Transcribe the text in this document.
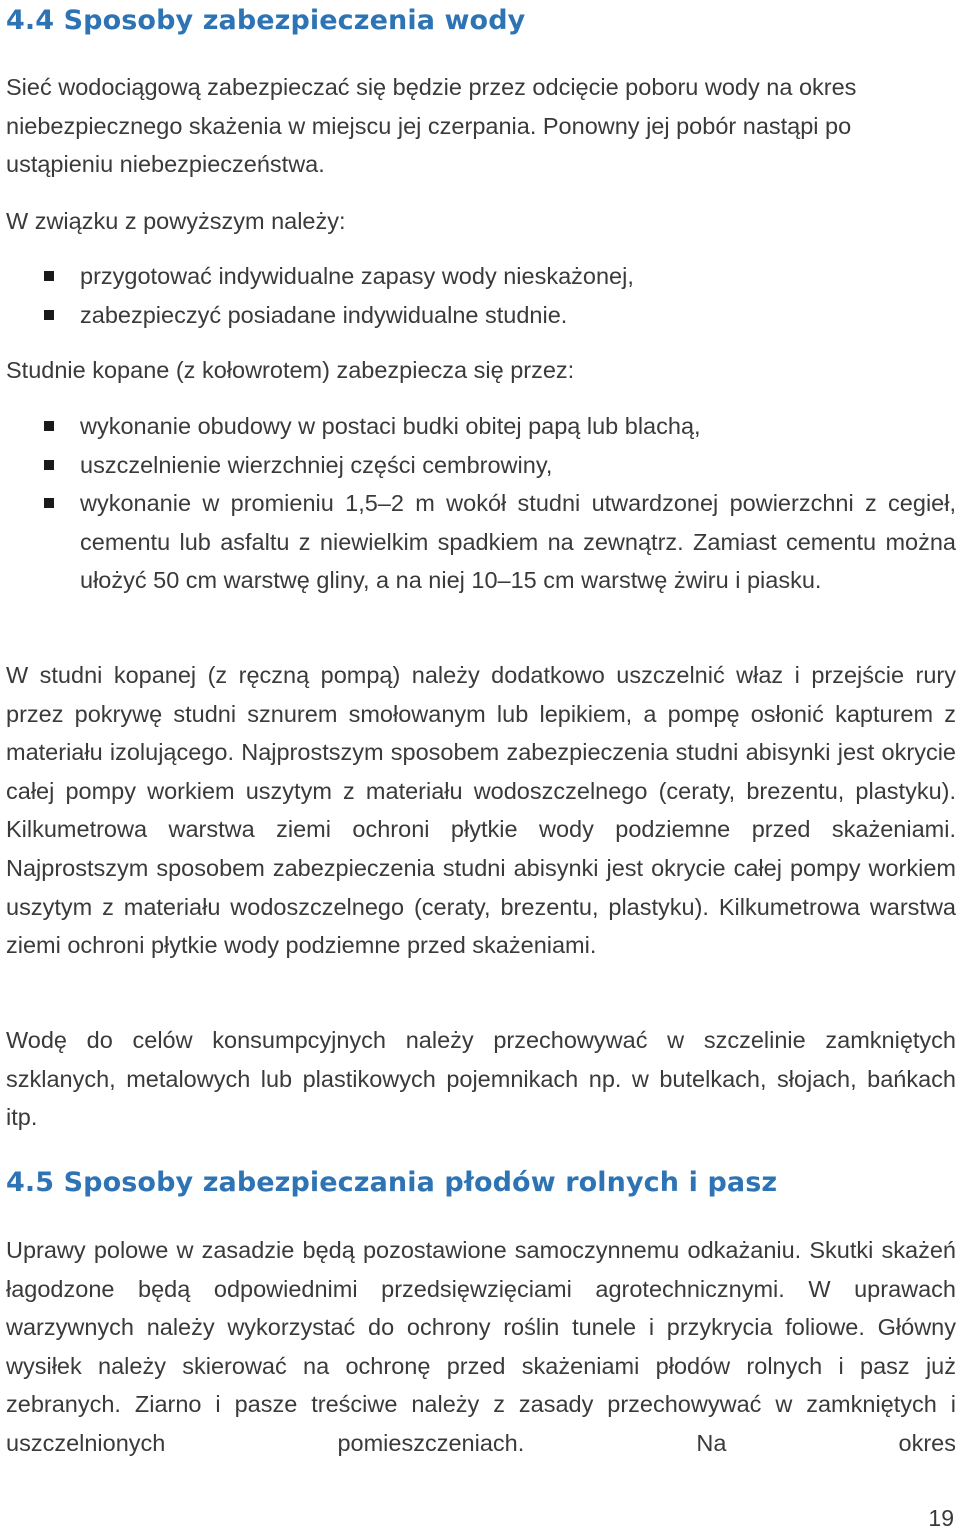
4.4 Sposoby zabezpieczenia wody

Sieć wodociągową zabezpieczać się będzie przez odcięcie poboru wody na okres niebezpiecznego skażenia w miejscu jej czerpania. Ponowny jej pobór nastąpi po ustąpieniu niebezpieczeństwa.

W związku z powyższym należy:

przygotować indywidualne zapasy wody nieskażonej,
zabezpieczyć posiadane indywidualne studnie.

Studnie kopane (z kołowrotem) zabezpiecza się przez:

wykonanie obudowy w postaci budki obitej papą lub blachą,
uszczelnienie wierzchniej części cembrowiny,
wykonanie w promieniu 1,5–2 m wokół studni utwardzonej powierzchni z cegieł, cementu lub asfaltu z niewielkim spadkiem na zewnątrz. Zamiast cementu można ułożyć 50 cm warstwę gliny, a na niej 10–15 cm warstwę żwiru i piasku.

W studni kopanej (z ręczną pompą) należy dodatkowo uszczelnić właz i przejście rury przez pokrywę studni sznurem smołowanym lub lepikiem, a pompę osłonić kapturem z materiału izolującego. Najprostszym sposobem zabezpieczenia studni abisynki jest okrycie całej pompy workiem uszytym z materiału wodoszczelnego (ceraty, brezentu, plastyku). Kilkumetrowa warstwa ziemi ochroni płytkie wody podziemne przed skażeniami. Najprostszym sposobem zabezpieczenia studni abisynki jest okrycie całej pompy workiem uszytym z materiału wodoszczelnego (ceraty, brezentu, plastyku). Kilkumetrowa warstwa ziemi ochroni płytkie wody podziemne przed skażeniami.

Wodę do celów konsumpcyjnych należy przechowywać w szczelinie zamkniętych szklanych, metalowych lub plastikowych pojemnikach np. w butelkach, słojach, bańkach itp.

4.5 Sposoby zabezpieczania płodów rolnych i pasz

Uprawy polowe w zasadzie będą pozostawione samoczynnemu odkażaniu. Skutki skażeń łagodzone będą odpowiednimi przedsięwzięciami agrotechnicznymi. W uprawach warzywnych należy wykorzystać do ochrony roślin tunele i przykrycia foliowe. Główny wysiłek należy skierować na ochronę przed skażeniami płodów rolnych i pasz już zebranych. Ziarno i pasze treściwe należy z zasady przechowywać w zamkniętych i uszczelnionych pomieszczeniach. Na okres

19
